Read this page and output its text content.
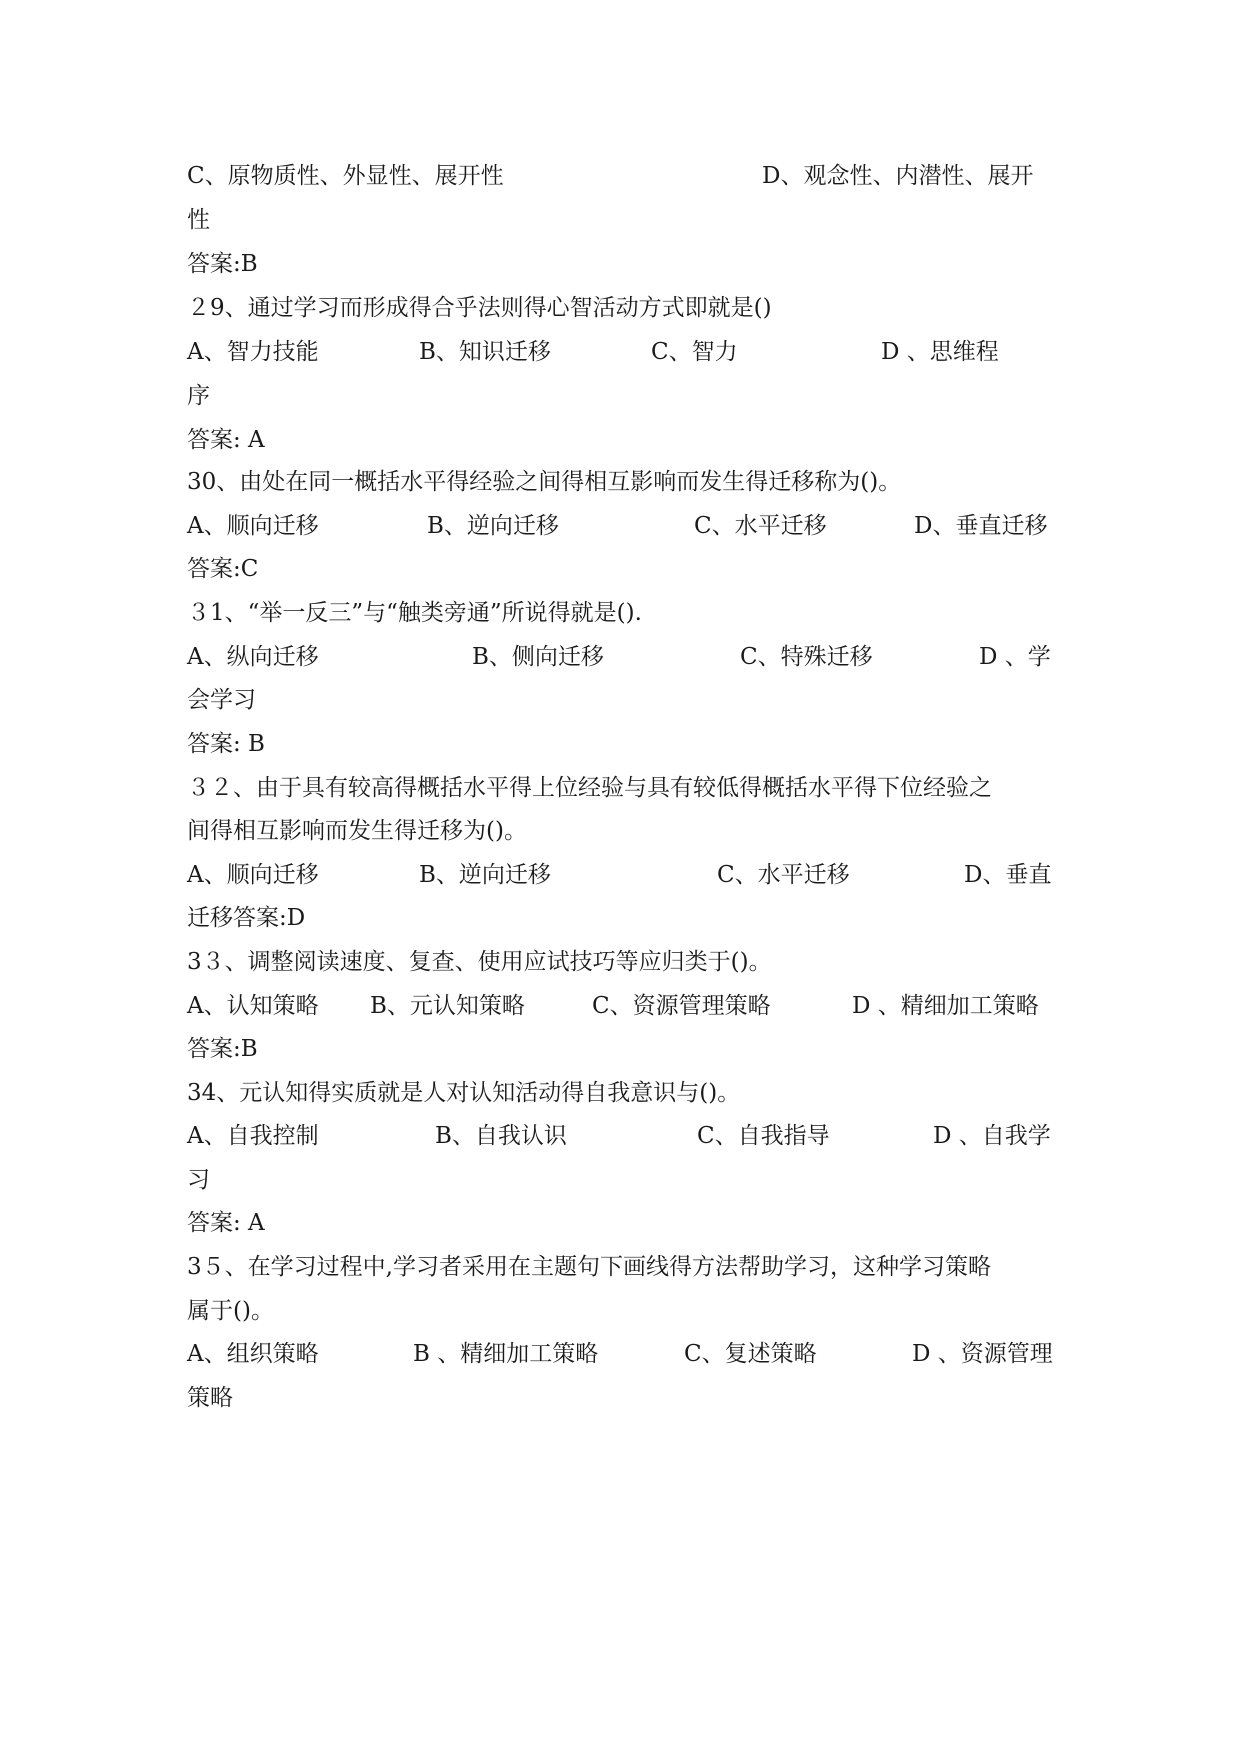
C、原物质性、外显性、展开性

	D、观念性、内潜性、展开

性
答案:B
２9、通过学习而形成得合乎法则得心智活动方式即就是()

A、智力技能

	B、知识迁移

	C、智力

	D 、思维程

序
答案: A
30、由处在同一概括水平得经验之间得相互影响而发生得迁移称为()。

A、顺向迁移

	B、逆向迁移

	C、水平迁移

	D、垂直迁移

答案:C
３1、“举一反三”与“触类旁通”所说得就是().

A、纵向迁移

	B、侧向迁移

	C、特殊迁移

	D 、学

会学习
答案: B
３２、由于具有较高得概括水平得上位经验与具有较低得概括水平得下位经验之
间得相互影响而发生得迁移为()。

A、顺向迁移

	B、逆向迁移

	C、水平迁移

	D、垂直

迁移答案:D
3３、调整阅读速度、复查、使用应试技巧等应归类于()。

A、认知策略

B、元认知策略

	C、资源管理策略

	D 、精细加工策略

答案:B
34、元认知得实质就是人对认知活动得自我意识与()。

A、自我控制

	B、自我认识

	C、自我指导

	D 、自我学

习
答案: A
3５、在学习过程中,学习者采用在主题句下画线得方法帮助学习，这种学习策略
属于()。

A、组织策略

	B 、精细加工策略

	C、复述策略

	D 、资源管理

策略
